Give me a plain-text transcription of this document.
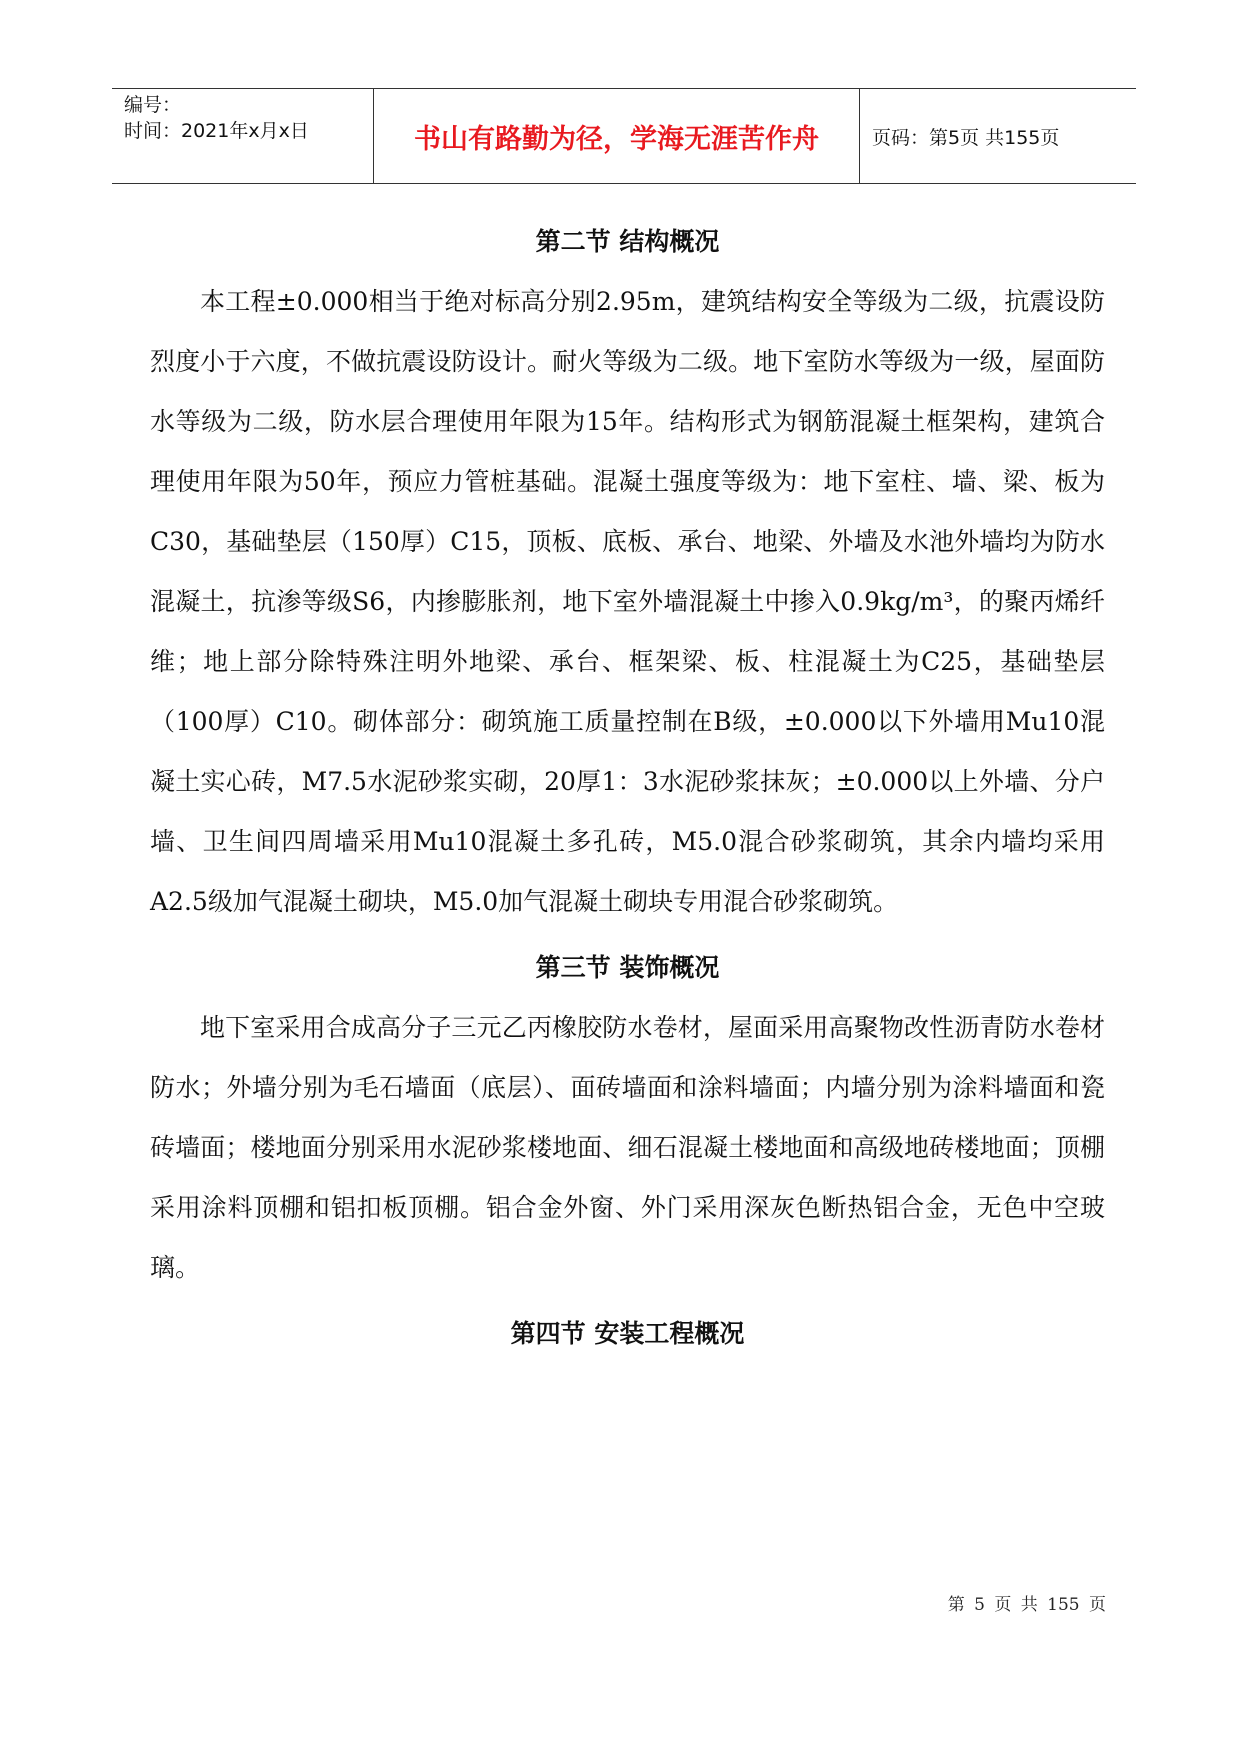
编号：
时间：2021年x月x日	书山有路勤为径，学海无涯苦作舟	页码：第5页 共155页
第二节 结构概况

本工程±0.000相当于绝对标高分别2.95m，建筑结构安全等级为二级，抗震设防烈度小于六度，不做抗震设防设计。耐火等级为二级。地下室防水等级为一级，屋面防水等级为二级，防水层合理使用年限为15年。结构形式为钢筋混凝土框架构，建筑合理使用年限为50年，预应力管桩基础。混凝土强度等级为：地下室柱、墙、梁、板为C30，基础垫层（150厚）C15，顶板、底板、承台、地梁、外墙及水池外墙均为防水混凝土，抗渗等级S6，内掺膨胀剂，地下室外墙混凝土中掺入0.9kg/m³，的聚丙烯纤维；地上部分除特殊注明外地梁、承台、框架梁、板、柱混凝土为C25，基础垫层（100厚）C10。砌体部分：砌筑施工质量控制在B级，±0.000以下外墙用Mu10混凝土实心砖，M7.5水泥砂浆实砌，20厚1：3水泥砂浆抹灰；±0.000以上外墙、分户墙、卫生间四周墙采用Mu10混凝土多孔砖，M5.0混合砂浆砌筑，其余内墙均采用A2.5级加气混凝土砌块，M5.0加气混凝土砌块专用混合砂浆砌筑。

第三节 装饰概况

地下室采用合成高分子三元乙丙橡胶防水卷材，屋面采用高聚物改性沥青防水卷材防水；外墙分别为毛石墙面（底层）、面砖墙面和涂料墙面；内墙分别为涂料墙面和瓷砖墙面；楼地面分别采用水泥砂浆楼地面、细石混凝土楼地面和高级地砖楼地面；顶棚采用涂料顶棚和铝扣板顶棚。铝合金外窗、外门采用深灰色断热铝合金，无色中空玻璃。

第四节 安装工程概况
第 5 页 共 155 页
